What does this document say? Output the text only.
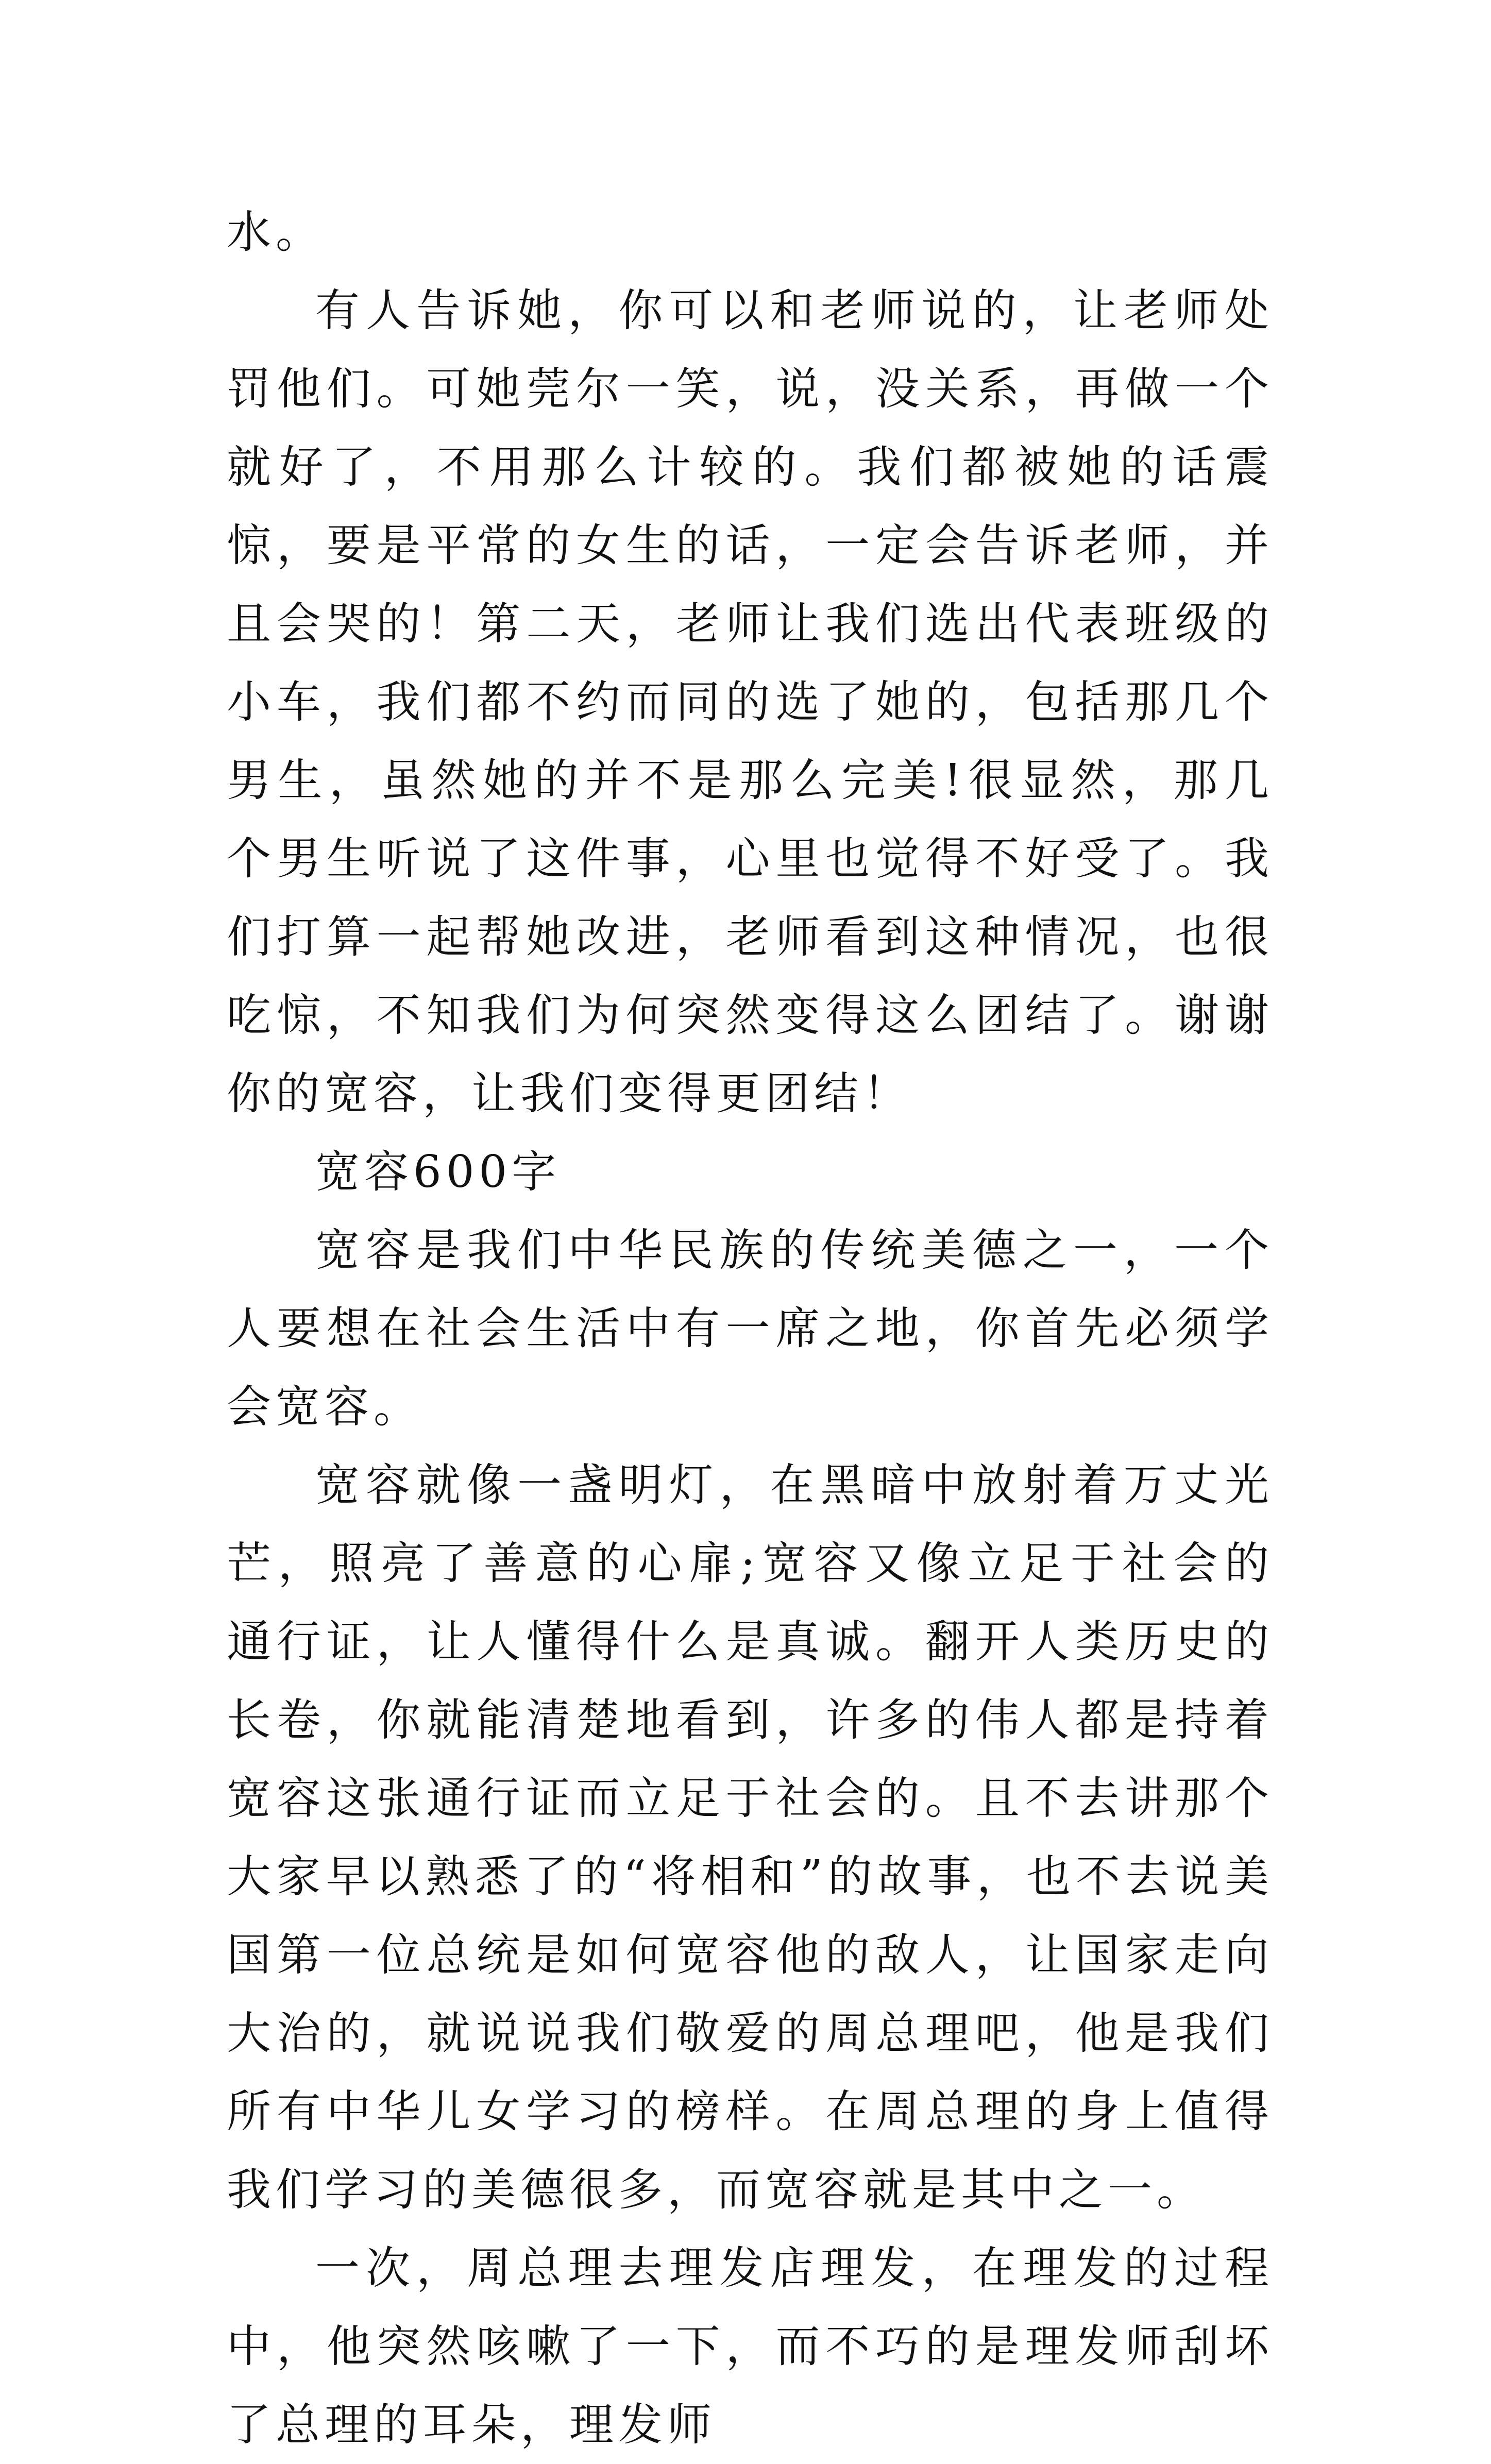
水。

有人告诉她，你可以和老师说的，让老师处罚他们。可她莞尔一笑，说，没关系，再做一个就好了，不用那么计较的。我们都被她的话震惊，要是平常的女生的话，一定会告诉老师，并且会哭的！第二天，老师让我们选出代表班级的小车，我们都不约而同的选了她的，包括那几个男生，虽然她的并不是那么完美!很显然，那几个男生听说了这件事，心里也觉得不好受了。我们打算一起帮她改进，老师看到这种情况，也很吃惊，不知我们为何突然变得这么团结了。谢谢你的宽容，让我们变得更团结！

宽容600字

宽容是我们中华民族的传统美德之一，一个人要想在社会生活中有一席之地，你首先必须学会宽容。

宽容就像一盏明灯，在黑暗中放射着万丈光芒，照亮了善意的心扉;宽容又像立足于社会的通行证，让人懂得什么是真诚。翻开人类历史的长卷，你就能清楚地看到，许多的伟人都是持着宽容这张通行证而立足于社会的。且不去讲那个大家早以熟悉了的“将相和”的故事，也不去说美国第一位总统是如何宽容他的敌人，让国家走向大治的，就说说我们敬爱的周总理吧，他是我们所有中华儿女学习的榜样。在周总理的身上值得我们学习的美德很多，而宽容就是其中之一。

一次，周总理去理发店理发，在理发的过程中，他突然咳嗽了一下，而不巧的是理发师刮坏了总理的耳朵，理发师
